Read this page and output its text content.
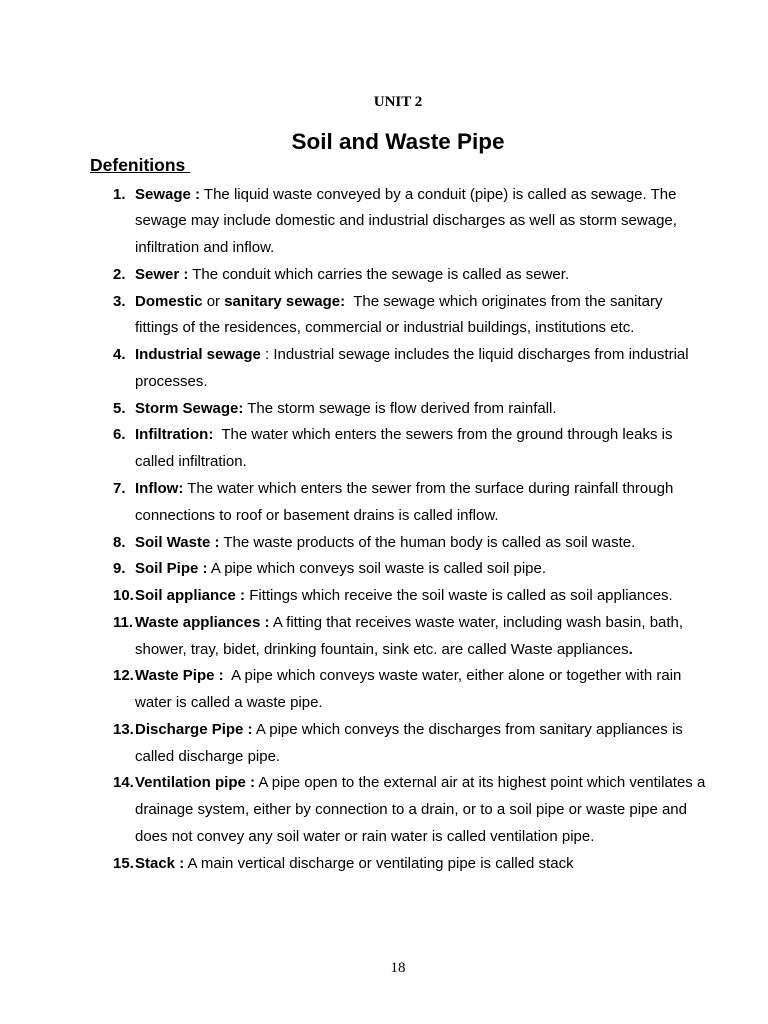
UNIT 2

Soil and Waste Pipe
Defenitions
1. Sewage : The liquid waste conveyed by a conduit (pipe) is called as sewage. The sewage may include domestic and industrial discharges as well as storm sewage, infiltration and inflow.
2. Sewer : The conduit which carries the sewage is called as sewer.
3. Domestic or sanitary sewage:  The sewage which originates from the sanitary fittings of the residences, commercial or industrial buildings, institutions etc.
4. Industrial sewage : Industrial sewage includes the liquid discharges from industrial processes.
5. Storm Sewage: The storm sewage is flow derived from rainfall.
6. Infiltration:  The water which enters the sewers from the ground through leaks is called infiltration.
7. Inflow: The water which enters the sewer from the surface during rainfall through connections to roof or basement drains is called inflow.
8. Soil Waste : The waste products of the human body is called as soil waste.
9. Soil Pipe : A pipe which conveys soil waste is called soil pipe.
10. Soil appliance : Fittings which receive the soil waste is called as soil appliances.
11. Waste appliances : A fitting that receives waste water, including wash basin, bath, shower, tray, bidet, drinking fountain, sink etc. are called Waste appliances.
12. Waste Pipe :  A pipe which conveys waste water, either alone or together with rain water is called a waste pipe.
13. Discharge Pipe : A pipe which conveys the discharges from sanitary appliances is called discharge pipe.
14. Ventilation pipe : A pipe open to the external air at its highest point which ventilates a drainage system, either by connection to a drain, or to a soil pipe or waste pipe and does not convey any soil water or rain water is called ventilation pipe.
15. Stack : A main vertical discharge or ventilating pipe is called stack

18
